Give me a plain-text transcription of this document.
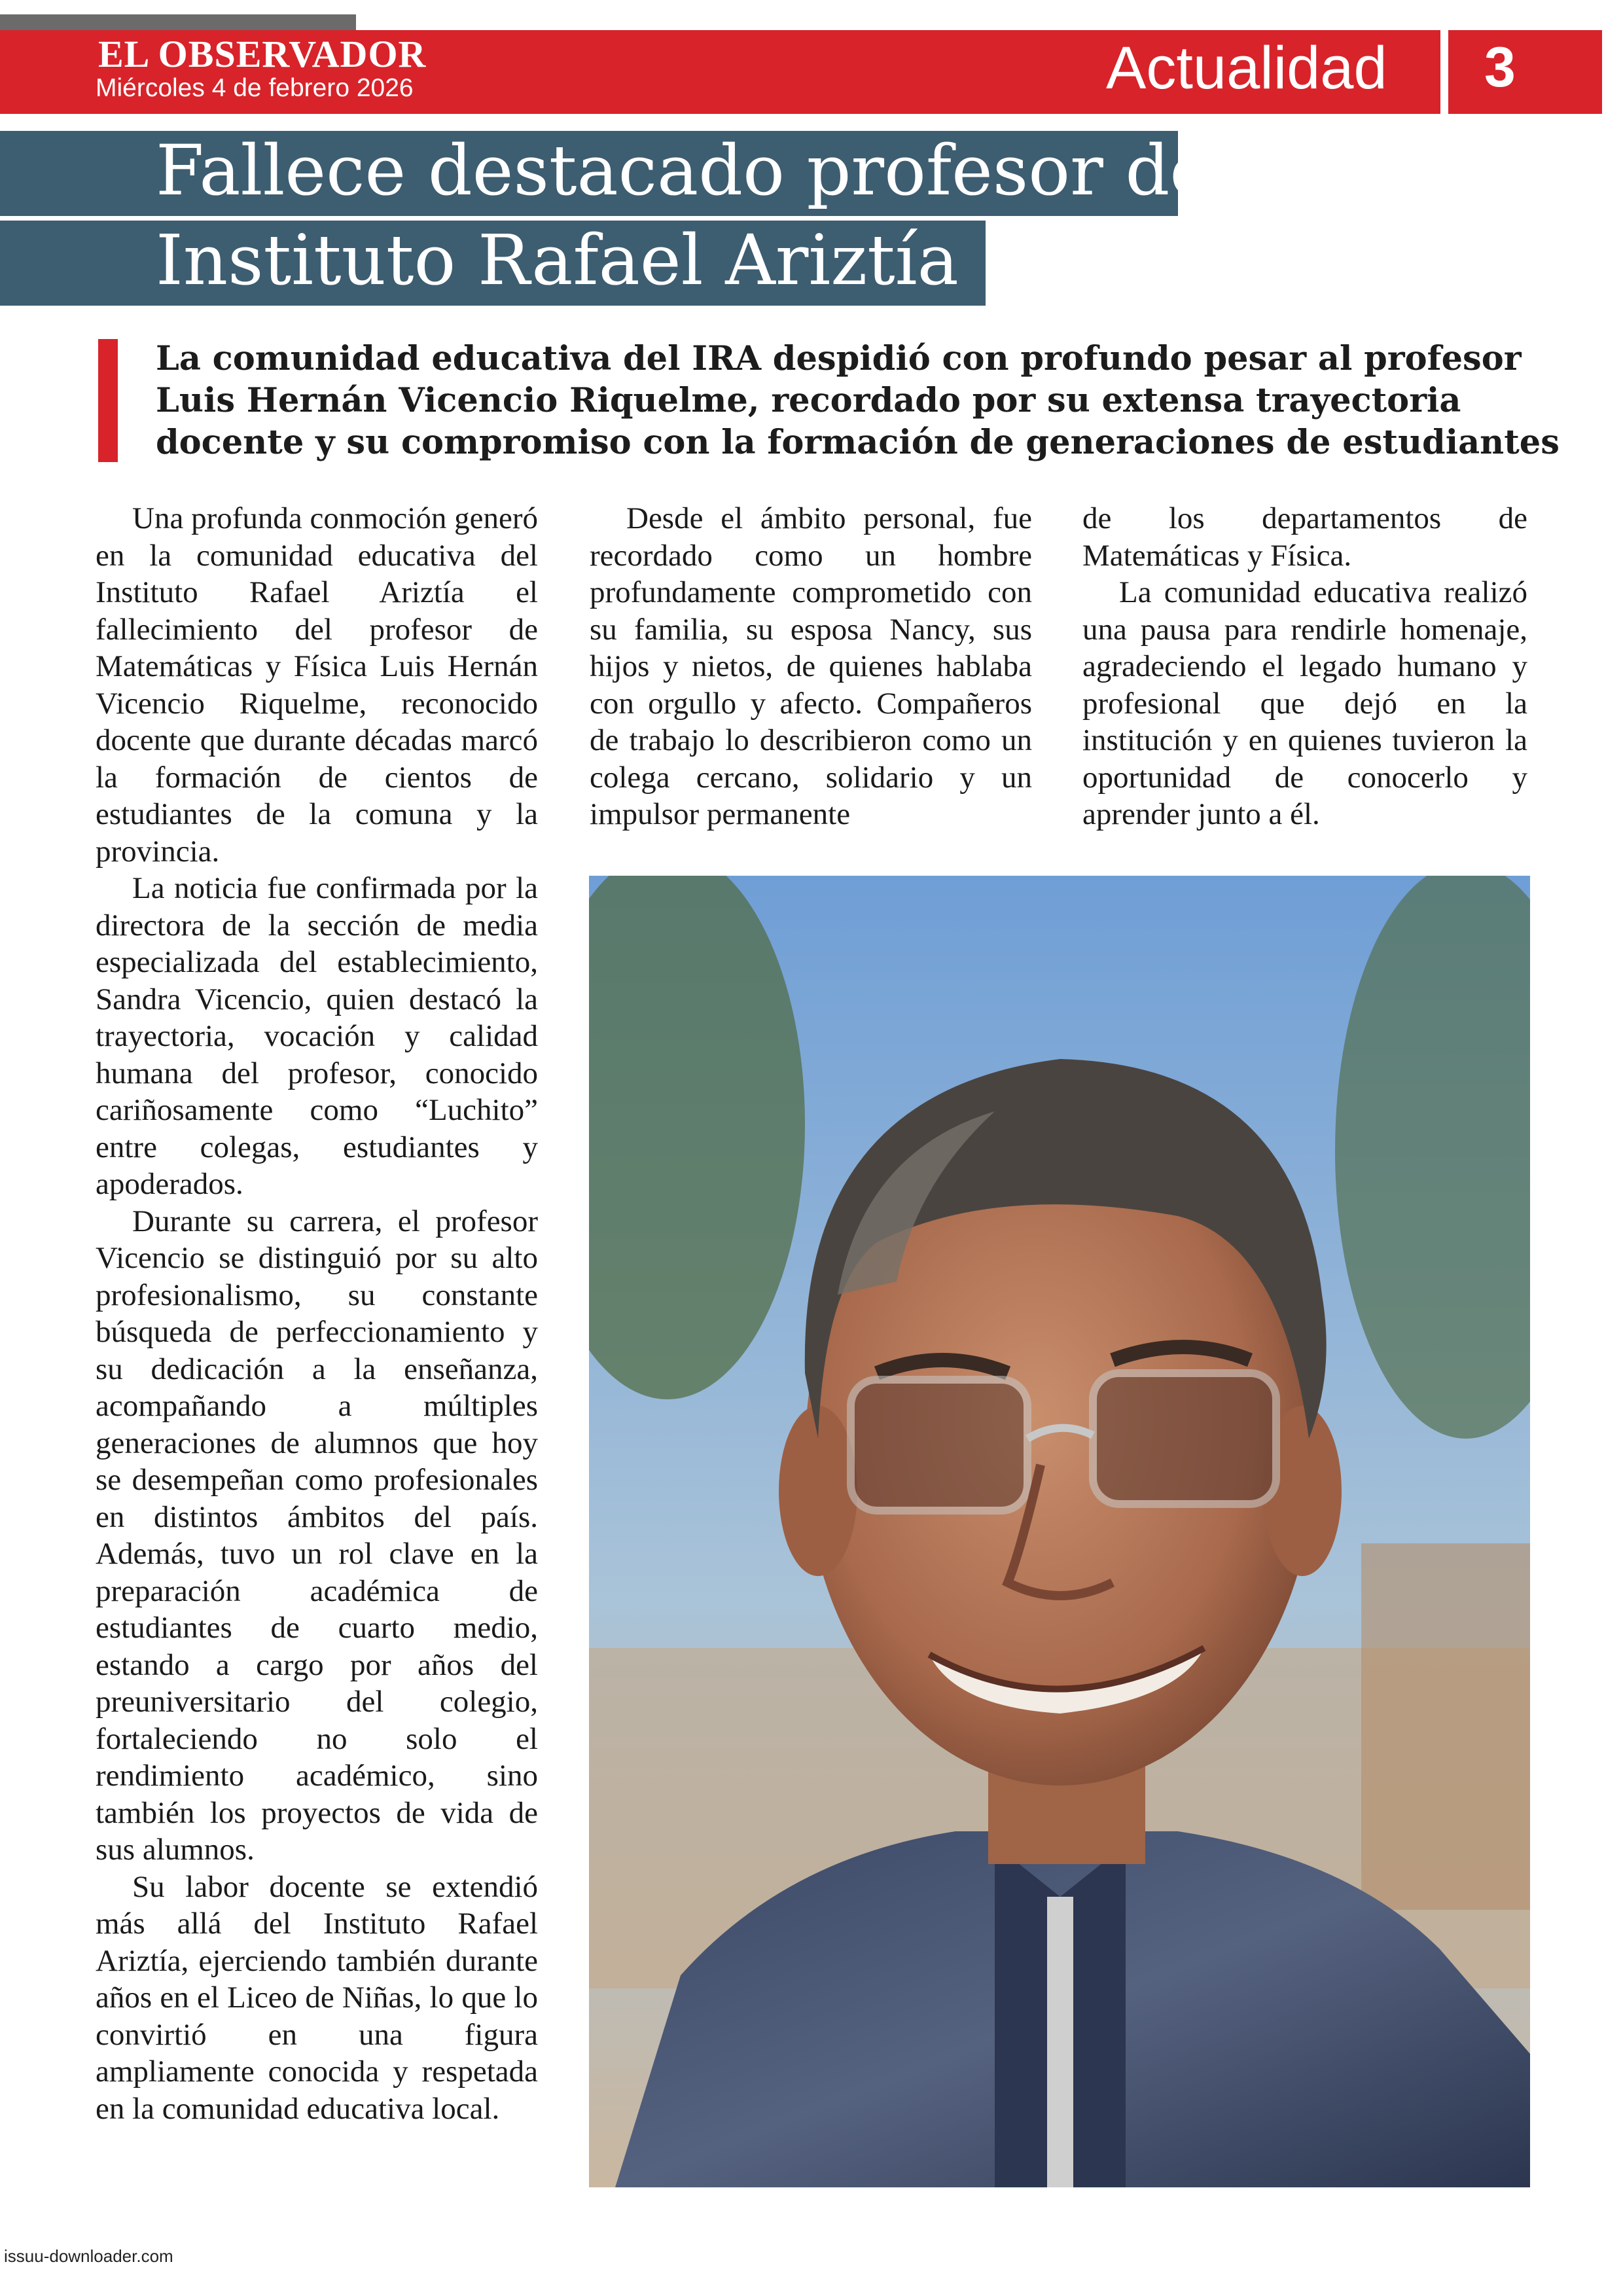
EL OBSERVADOR

Miércoles 4 de febrero 2026	Actualidad 3

Fallece destacado profesor del
Instituto Rafael Ariztía

La comunidad educativa del IRA despidió con profundo pesar al profesor Luis Hernán Vicencio Riquelme, recordado por su extensa trayectoria docente y su compromiso con la formación de generaciones de estudiantes

Una profunda conmoción generó en la comunidad educativa del Instituto Rafael Ariztía el fallecimiento del profesor de Matemáticas y Física Luis Hernán Vicencio Riquelme, reconocido docente que durante décadas marcó la formación de cientos de estudiantes de la comuna y la provincia.

La noticia fue confirmada por la directora de la sección de media especializada del establecimiento, Sandra Vicencio, quien destacó la trayectoria, vocación y calidad humana del profesor, conocido cariñosamente como “Luchito” entre colegas, estudiantes y apoderados.

Durante su carrera, el profesor Vicencio se distinguió por su alto profesionalismo, su constante búsqueda de perfeccionamiento y su dedicación a la enseñanza, acompañando a múltiples generaciones de alumnos que hoy se desempeñan como profesionales en distintos ámbitos del país. Además, tuvo un rol clave en la preparación académica de estudiantes de cuarto medio, estando a cargo por años del preuniversitario del colegio, fortaleciendo no solo el rendimiento académico, sino también los proyectos de vida de sus alumnos.

Su labor docente se extendió más allá del Instituto Rafael Ariztía, ejerciendo también durante años en el Liceo de Niñas, lo que lo convirtió en una figura ampliamente conocida y respetada en la comunidad educativa local.

Desde el ámbito personal, fue recordado como un hombre profundamente comprometido con su familia, su esposa Nancy, sus hijos y nietos, de quienes hablaba con orgullo y afecto. Compañeros de trabajo lo describieron como un colega cercano, solidario y un impulsor permanente

de los departamentos de Matemáticas y Física.

La comunidad educativa realizó una pausa para rendirle homenaje, agradeciendo el legado humano y profesional que dejó en la institución y en quienes tuvieron la oportunidad de conocerlo y aprender junto a él.

issuu-downloader.com
